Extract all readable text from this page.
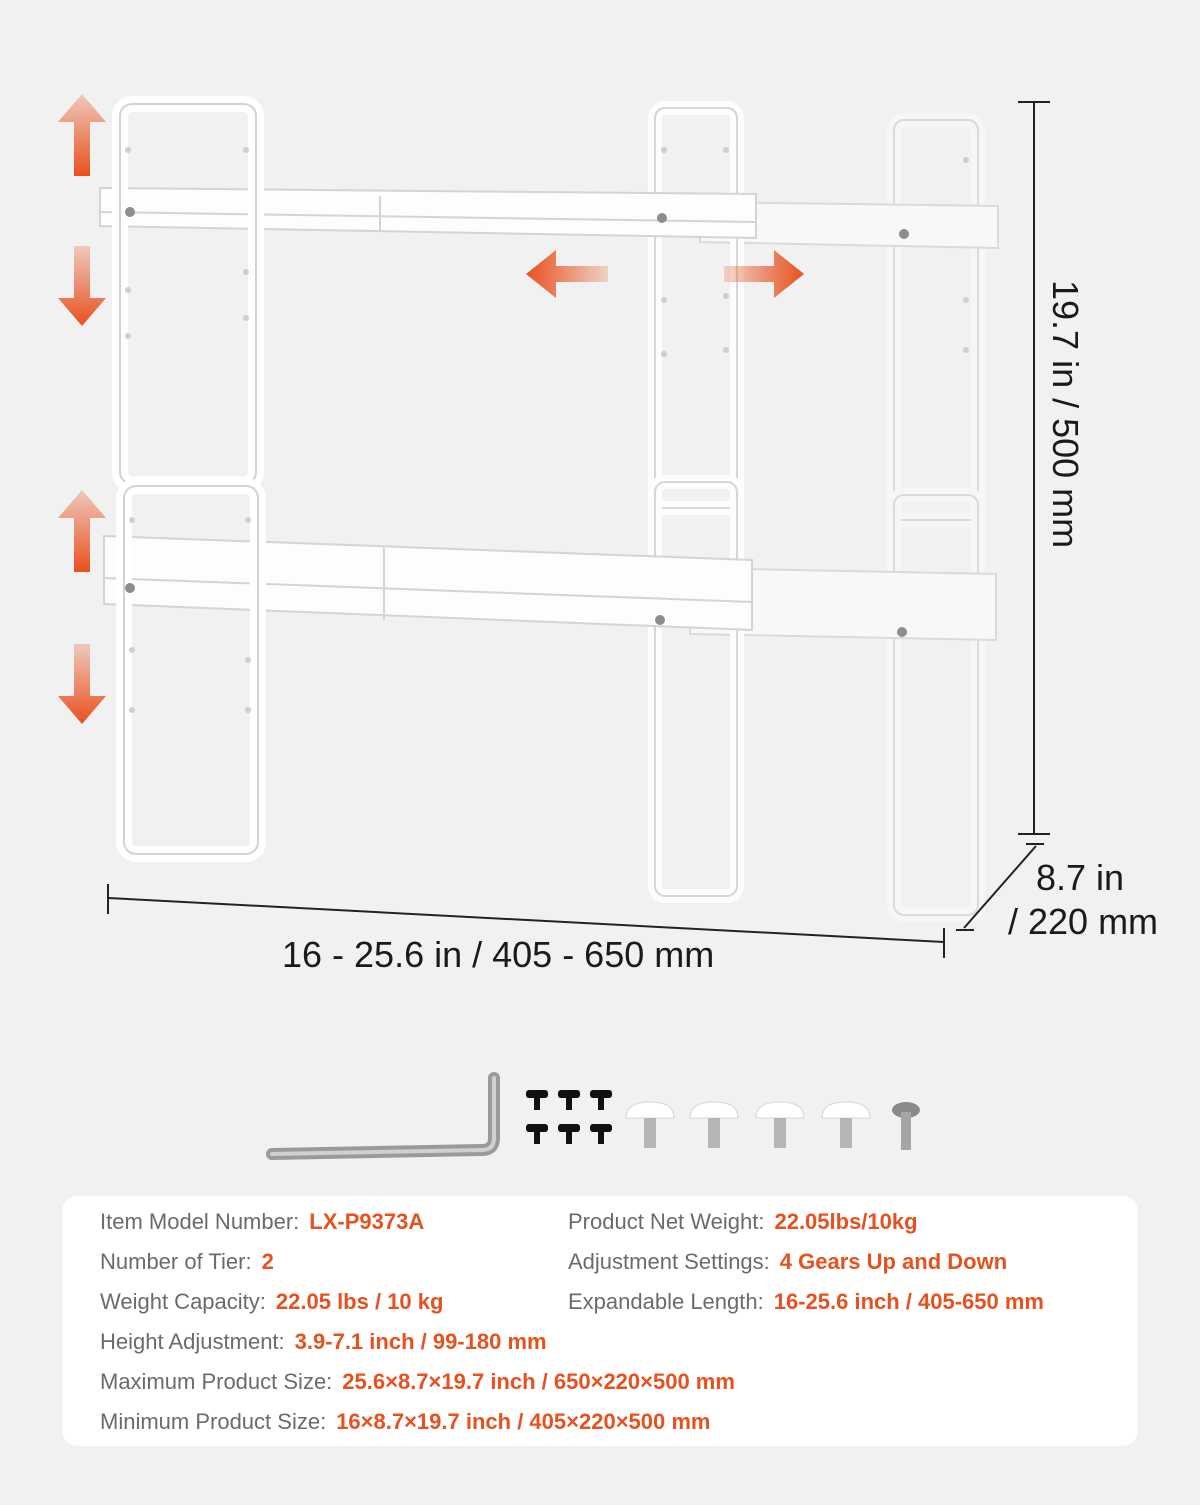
19.7 in / 500 mm
16 - 25.6 in / 405 - 650 mm
8.7 in
/ 220 mm
Item Model Number: LX-P9373A
Number of Tier: 2
Weight Capacity: 22.05 lbs / 10 kg
Height Adjustment: 3.9-7.1 inch / 99-180 mm
Maximum Product Size: 25.6×8.7×19.7 inch / 650×220×500 mm
Minimum Product Size: 16×8.7×19.7 inch / 405×220×500 mm
Product Net Weight: 22.05lbs/10kg
Adjustment Settings: 4 Gears Up and Down
Expandable Length: 16-25.6 inch / 405-650 mm
